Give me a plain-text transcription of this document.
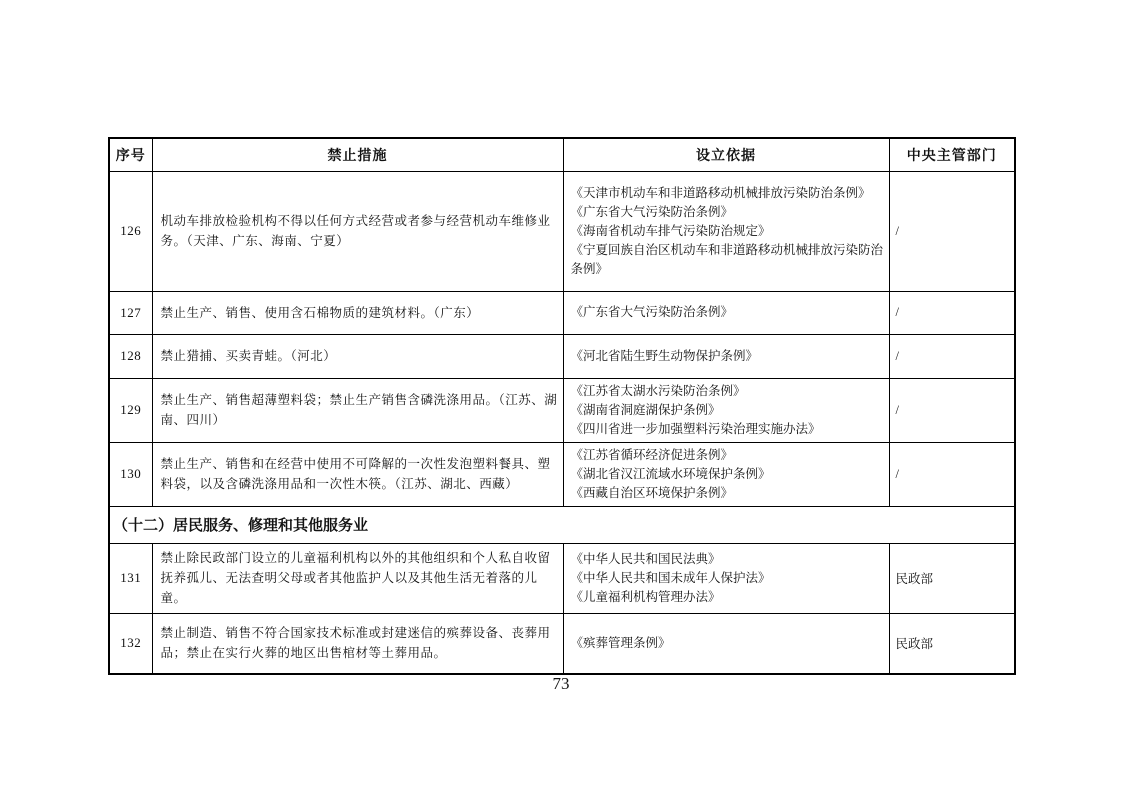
序号	禁止措施	设立依据	中央主管部门
126	机动车排放检验机构不得以任何方式经营或者参与经营机动车维修业务。（天津、广东、海南、宁夏）	《天津市机动车和非道路移动机械排放污染防治条例》
《广东省大气污染防治条例》
《海南省机动车排气污染防治规定》
《宁夏回族自治区机动车和非道路移动机械排放污染防治条例》	/
127	禁止生产、销售、使用含石棉物质的建筑材料。（广东）	《广东省大气污染防治条例》	/
128	禁止猎捕、买卖青蛙。（河北）	《河北省陆生野生动物保护条例》	/
129	禁止生产、销售超薄塑料袋；禁止生产销售含磷洗涤用品。（江苏、湖南、四川）	《江苏省太湖水污染防治条例》
《湖南省洞庭湖保护条例》
《四川省进一步加强塑料污染治理实施办法》	/
130	禁止生产、销售和在经营中使用不可降解的一次性发泡塑料餐具、塑料袋，以及含磷洗涤用品和一次性木筷。（江苏、湖北、西藏）	《江苏省循环经济促进条例》
《湖北省汉江流域水环境保护条例》
《西藏自治区环境保护条例》	/
（十二）居民服务、修理和其他服务业			
131	禁止除民政部门设立的儿童福利机构以外的其他组织和个人私自收留抚养孤儿、无法查明父母或者其他监护人以及其他生活无着落的儿童。	《中华人民共和国民法典》
《中华人民共和国未成年人保护法》
《儿童福利机构管理办法》	民政部
132	禁止制造、销售不符合国家技术标准或封建迷信的殡葬设备、丧葬用品；禁止在实行火葬的地区出售棺材等土葬用品。	《殡葬管理条例》	民政部
73
